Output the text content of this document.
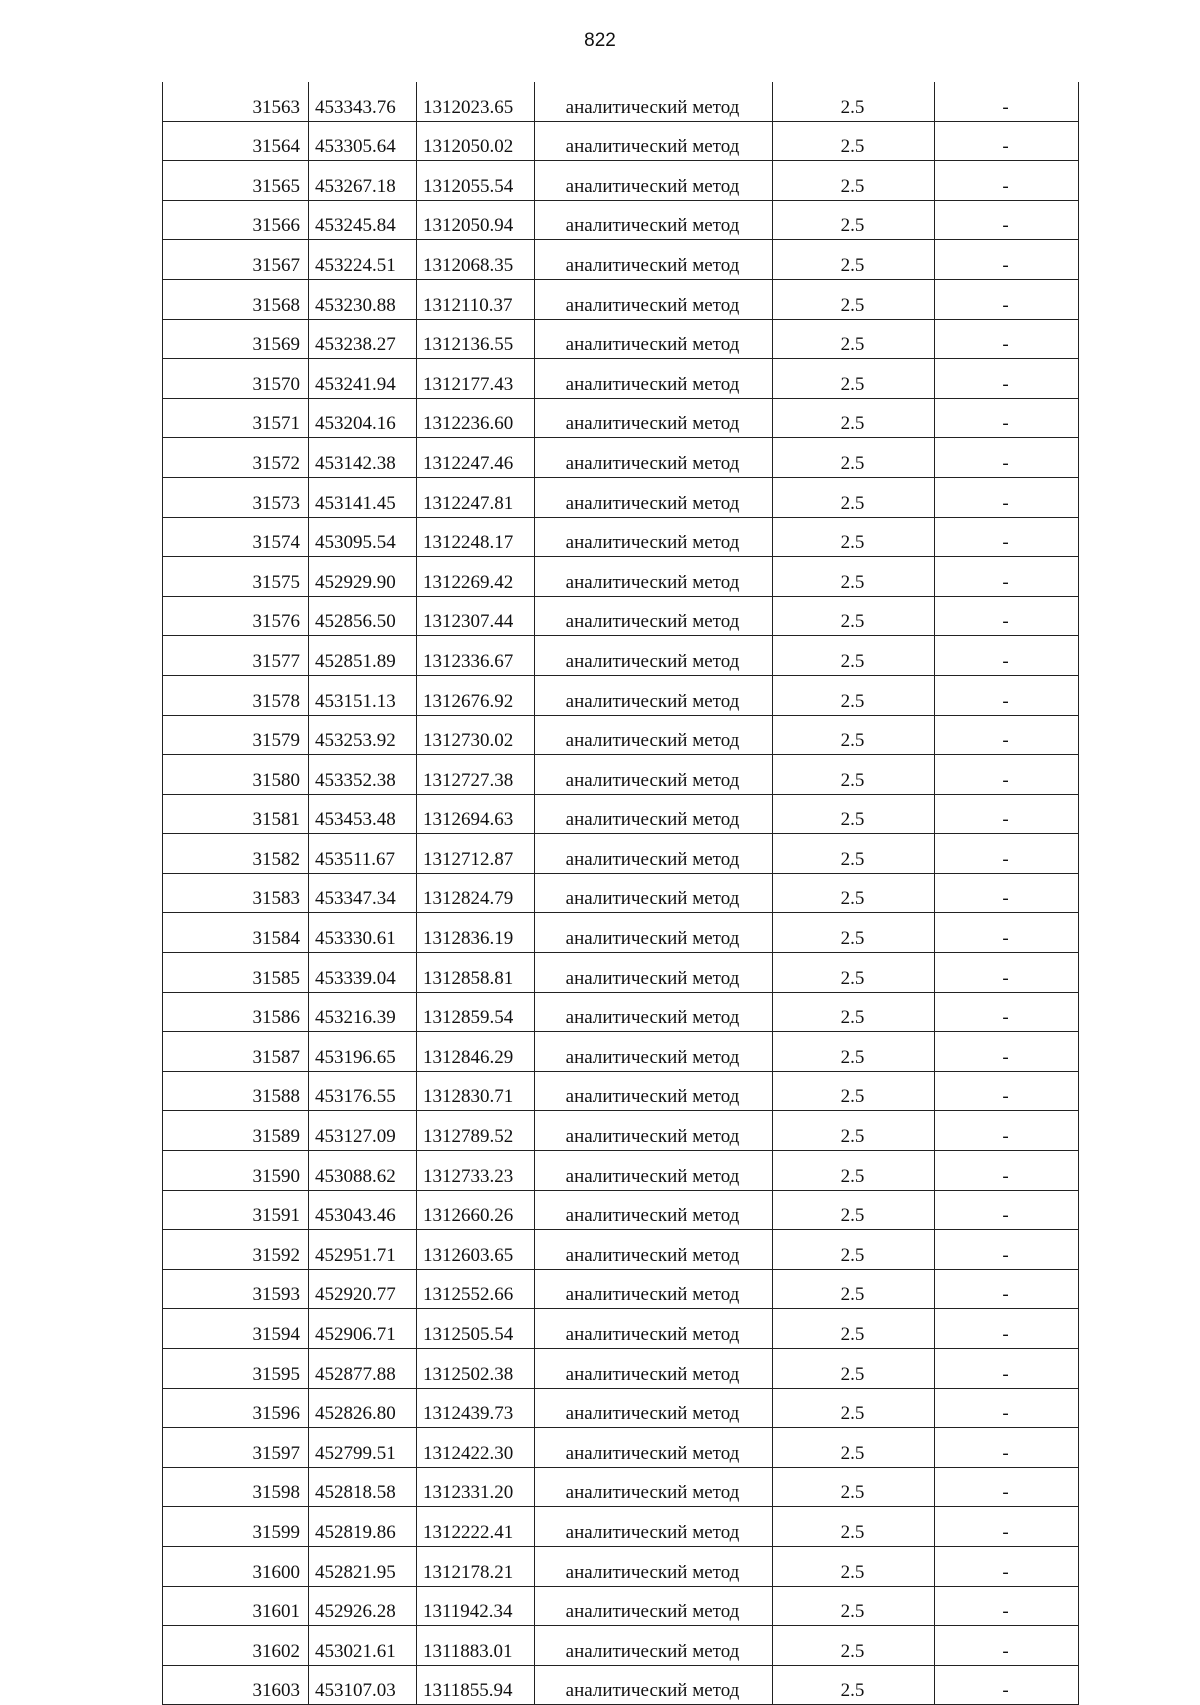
822
31563	453343.76	1312023.65	аналитический метод	2.5	-
31564	453305.64	1312050.02	аналитический метод	2.5	-
31565	453267.18	1312055.54	аналитический метод	2.5	-
31566	453245.84	1312050.94	аналитический метод	2.5	-
31567	453224.51	1312068.35	аналитический метод	2.5	-
31568	453230.88	1312110.37	аналитический метод	2.5	-
31569	453238.27	1312136.55	аналитический метод	2.5	-
31570	453241.94	1312177.43	аналитический метод	2.5	-
31571	453204.16	1312236.60	аналитический метод	2.5	-
31572	453142.38	1312247.46	аналитический метод	2.5	-
31573	453141.45	1312247.81	аналитический метод	2.5	-
31574	453095.54	1312248.17	аналитический метод	2.5	-
31575	452929.90	1312269.42	аналитический метод	2.5	-
31576	452856.50	1312307.44	аналитический метод	2.5	-
31577	452851.89	1312336.67	аналитический метод	2.5	-
31578	453151.13	1312676.92	аналитический метод	2.5	-
31579	453253.92	1312730.02	аналитический метод	2.5	-
31580	453352.38	1312727.38	аналитический метод	2.5	-
31581	453453.48	1312694.63	аналитический метод	2.5	-
31582	453511.67	1312712.87	аналитический метод	2.5	-
31583	453347.34	1312824.79	аналитический метод	2.5	-
31584	453330.61	1312836.19	аналитический метод	2.5	-
31585	453339.04	1312858.81	аналитический метод	2.5	-
31586	453216.39	1312859.54	аналитический метод	2.5	-
31587	453196.65	1312846.29	аналитический метод	2.5	-
31588	453176.55	1312830.71	аналитический метод	2.5	-
31589	453127.09	1312789.52	аналитический метод	2.5	-
31590	453088.62	1312733.23	аналитический метод	2.5	-
31591	453043.46	1312660.26	аналитический метод	2.5	-
31592	452951.71	1312603.65	аналитический метод	2.5	-
31593	452920.77	1312552.66	аналитический метод	2.5	-
31594	452906.71	1312505.54	аналитический метод	2.5	-
31595	452877.88	1312502.38	аналитический метод	2.5	-
31596	452826.80	1312439.73	аналитический метод	2.5	-
31597	452799.51	1312422.30	аналитический метод	2.5	-
31598	452818.58	1312331.20	аналитический метод	2.5	-
31599	452819.86	1312222.41	аналитический метод	2.5	-
31600	452821.95	1312178.21	аналитический метод	2.5	-
31601	452926.28	1311942.34	аналитический метод	2.5	-
31602	453021.61	1311883.01	аналитический метод	2.5	-
31603	453107.03	1311855.94	аналитический метод	2.5	-
